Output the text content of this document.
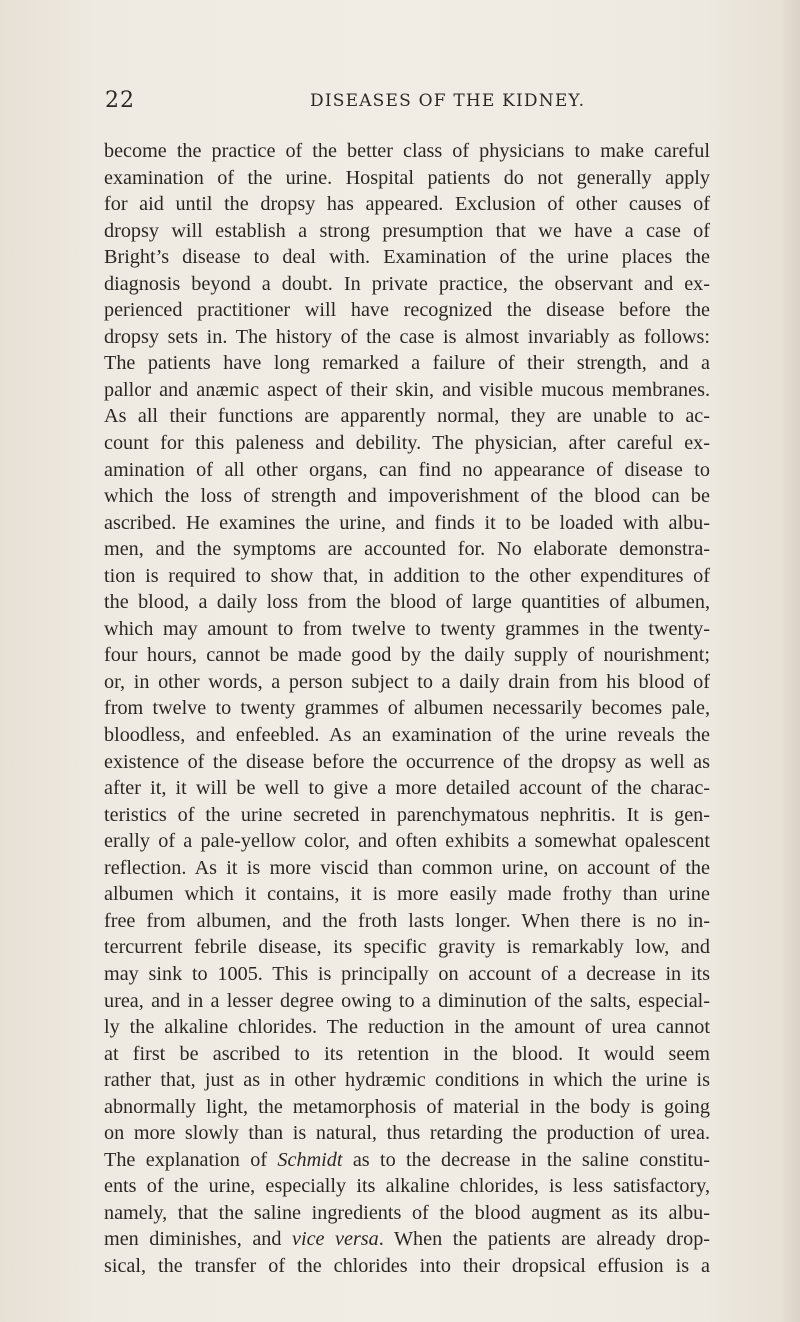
22	DISEASES OF THE KIDNEY.
become the practice of the better class of physicians to make careful
examination of the urine. Hospital patients do not generally apply
for aid until the dropsy has appeared. Exclusion of other causes of
dropsy will establish a strong presumption that we have a case of
Bright’s disease to deal with. Examination of the urine places the
diagnosis beyond a doubt. In private practice, the observant and ex-
perienced practitioner will have recognized the disease before the
dropsy sets in. The history of the case is almost invariably as follows:
The patients have long remarked a failure of their strength, and a
pallor and anæmic aspect of their skin, and visible mucous membranes.
As all their functions are apparently normal, they are unable to ac-
count for this paleness and debility. The physician, after careful ex-
amination of all other organs, can find no appearance of disease to
which the loss of strength and impoverishment of the blood can be
ascribed. He examines the urine, and finds it to be loaded with albu-
men, and the symptoms are accounted for. No elaborate demonstra-
tion is required to show that, in addition to the other expenditures of
the blood, a daily loss from the blood of large quantities of albumen,
which may amount to from twelve to twenty grammes in the twenty-
four hours, cannot be made good by the daily supply of nourishment;
or, in other words, a person subject to a daily drain from his blood of
from twelve to twenty grammes of albumen necessarily becomes pale,
bloodless, and enfeebled. As an examination of the urine reveals the
existence of the disease before the occurrence of the dropsy as well as
after it, it will be well to give a more detailed account of the charac-
teristics of the urine secreted in parenchymatous nephritis. It is gen-
erally of a pale-yellow color, and often exhibits a somewhat opalescent
reflection. As it is more viscid than common urine, on account of the
albumen which it contains, it is more easily made frothy than urine
free from albumen, and the froth lasts longer. When there is no in-
tercurrent febrile disease, its specific gravity is remarkably low, and
may sink to 1005. This is principally on account of a decrease in its
urea, and in a lesser degree owing to a diminution of the salts, especial-
ly the alkaline chlorides. The reduction in the amount of urea cannot
at first be ascribed to its retention in the blood. It would seem
rather that, just as in other hydræmic conditions in which the urine is
abnormally light, the metamorphosis of material in the body is going
on more slowly than is natural, thus retarding the production of urea.
The explanation of Schmidt as to the decrease in the saline constitu-
ents of the urine, especially its alkaline chlorides, is less satisfactory,
namely, that the saline ingredients of the blood augment as its albu-
men diminishes, and vice versa. When the patients are already drop-
sical, the transfer of the chlorides into their dropsical effusion is a
